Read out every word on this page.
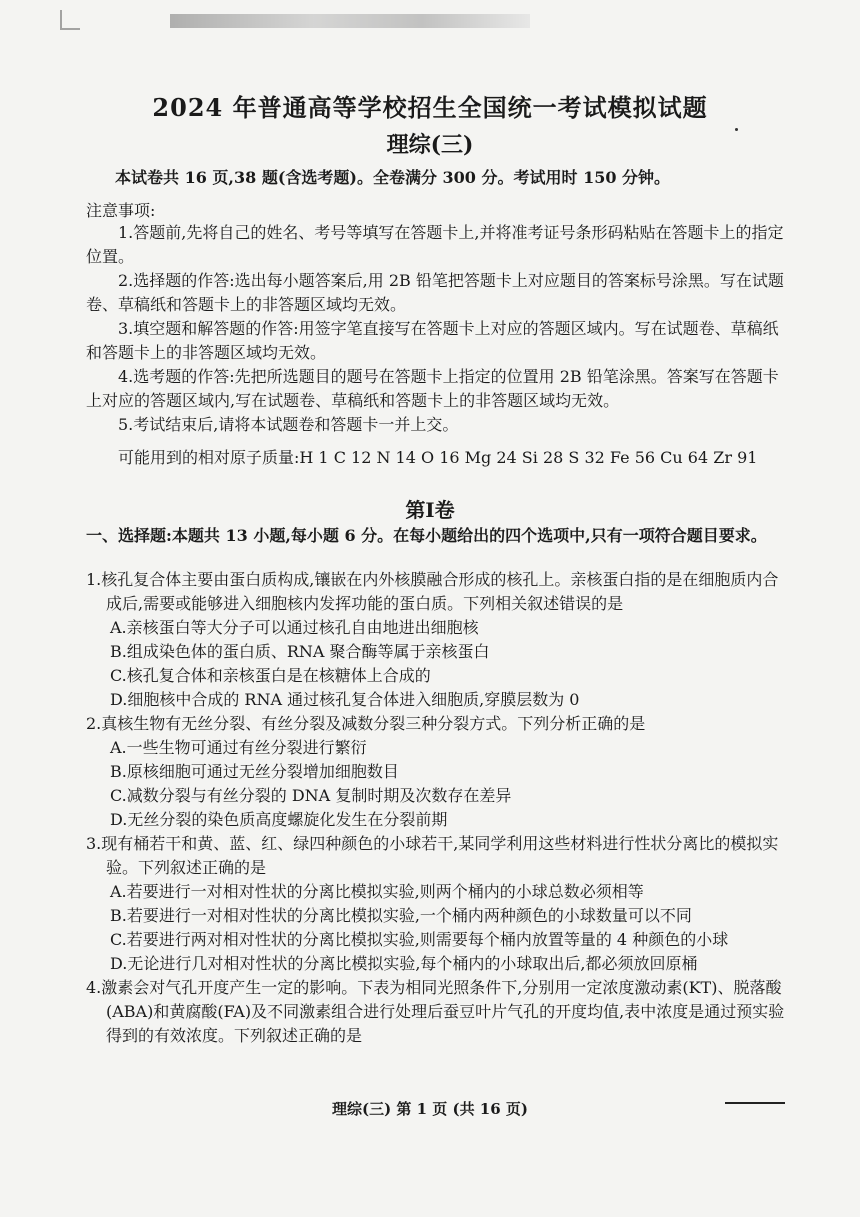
2024 年普通高等学校招生全国统一考试模拟试题
理综(三)
本试卷共 16 页,38 题(含选考题)。全卷满分 300 分。考试用时 150 分钟。
注意事项:

1.答题前,先将自己的姓名、考号等填写在答题卡上,并将准考证号条形码粘贴在答题卡上的指定位置。

2.选择题的作答:选出每小题答案后,用 2B 铅笔把答题卡上对应题目的答案标号涂黑。写在试题卷、草稿纸和答题卡上的非答题区域均无效。

3.填空题和解答题的作答:用签字笔直接写在答题卡上对应的答题区域内。写在试题卷、草稿纸和答题卡上的非答题区域均无效。

4.选考题的作答:先把所选题目的题号在答题卡上指定的位置用 2B 铅笔涂黑。答案写在答题卡上对应的答题区域内,写在试题卷、草稿纸和答题卡上的非答题区域均无效。

5.考试结束后,请将本试题卷和答题卡一并上交。

可能用到的相对原子质量:H 1 C 12 N 14 O 16 Mg 24 Si 28 S 32 Fe 56 Cu 64 Zr 91

第Ⅰ卷

一、选择题:本题共 13 小题,每小题 6 分。在每小题给出的四个选项中,只有一项符合题目要求。

1.核孔复合体主要由蛋白质构成,镶嵌在内外核膜融合形成的核孔上。亲核蛋白指的是在细胞质内合成后,需要或能够进入细胞核内发挥功能的蛋白质。下列相关叙述错误的是

A.亲核蛋白等大分子可以通过核孔自由地进出细胞核

B.组成染色体的蛋白质、RNA 聚合酶等属于亲核蛋白

C.核孔复合体和亲核蛋白是在核糖体上合成的

D.细胞核中合成的 RNA 通过核孔复合体进入细胞质,穿膜层数为 0

2.真核生物有无丝分裂、有丝分裂及减数分裂三种分裂方式。下列分析正确的是

A.一些生物可通过有丝分裂进行繁衍

B.原核细胞可通过无丝分裂增加细胞数目

C.减数分裂与有丝分裂的 DNA 复制时期及次数存在差异

D.无丝分裂的染色质高度螺旋化发生在分裂前期

3.现有桶若干和黄、蓝、红、绿四种颜色的小球若干,某同学利用这些材料进行性状分离比的模拟实验。下列叙述正确的是

A.若要进行一对相对性状的分离比模拟实验,则两个桶内的小球总数必须相等

B.若要进行一对相对性状的分离比模拟实验,一个桶内两种颜色的小球数量可以不同

C.若要进行两对相对性状的分离比模拟实验,则需要每个桶内放置等量的 4 种颜色的小球

D.无论进行几对相对性状的分离比模拟实验,每个桶内的小球取出后,都必须放回原桶

4.激素会对气孔开度产生一定的影响。下表为相同光照条件下,分别用一定浓度激动素(KT)、脱落酸(ABA)和黄腐酸(FA)及不同激素组合进行处理后蚕豆叶片气孔的开度均值,表中浓度是通过预实验得到的有效浓度。下列叙述正确的是

理综(三) 第 1 页 (共 16 页)
